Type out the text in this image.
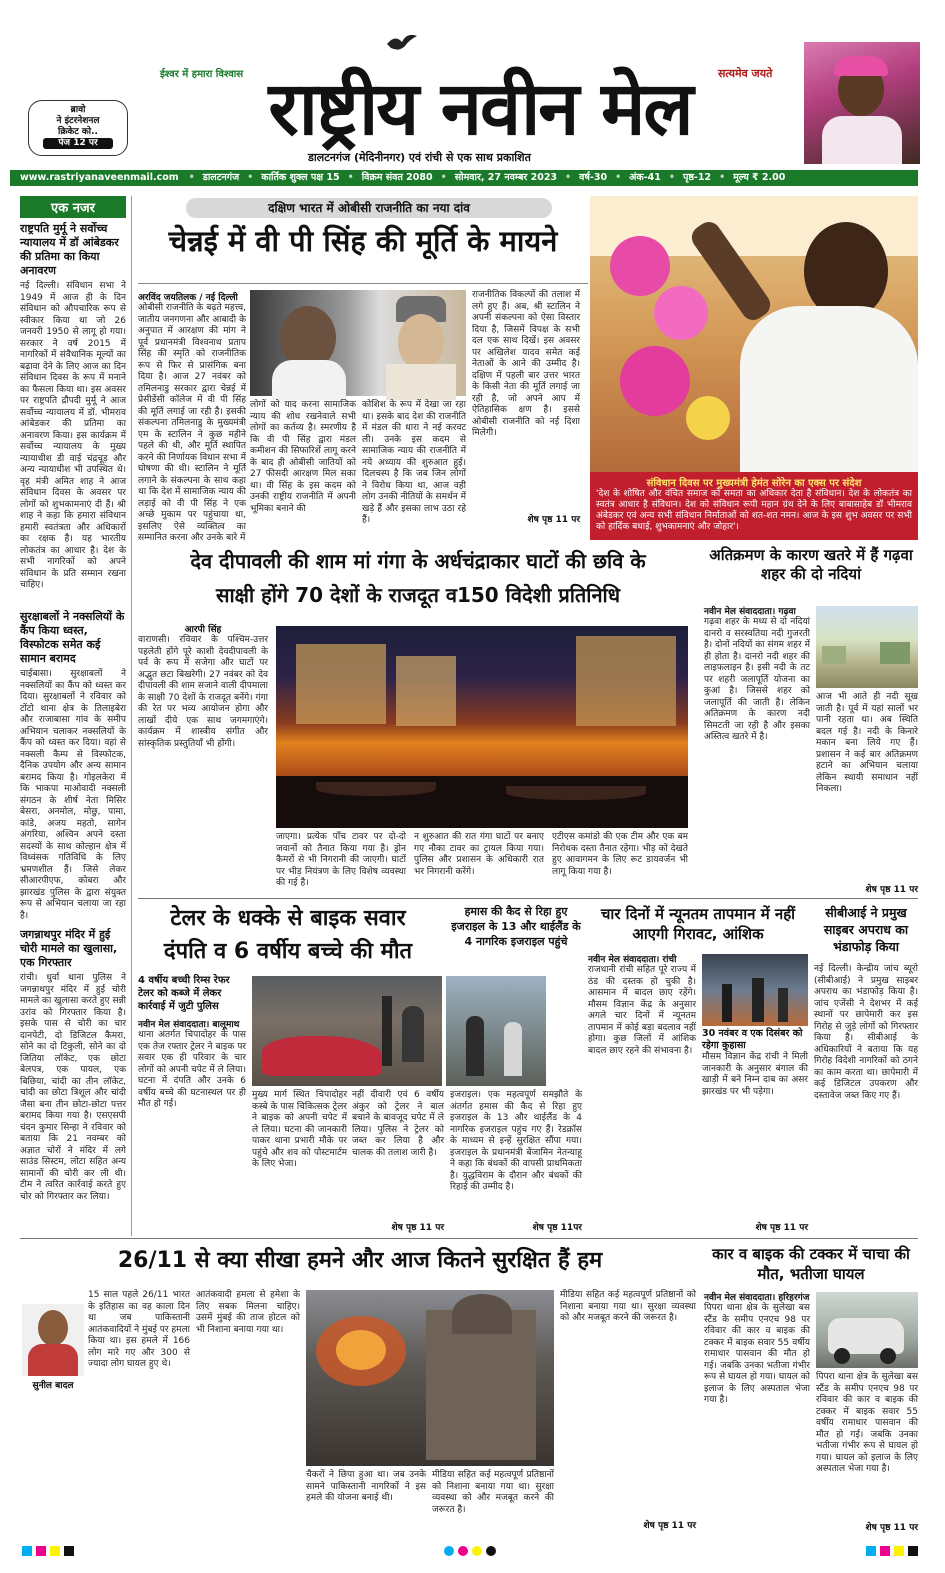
ईश्वर में हमारा विश्वास राष्ट्रीय नवीन मेल	सत्यमेव जयते
डालटनगंज (मेदिनीनगर) एवं रांची से एक साथ प्रकाशित
ब्रावो
ने इंटरनेशनल
क्रिकेट को..
पेज 12 पर
www.rastriyanaveenmail.com	• डालटनगंज • कार्तिक शुक्ल पक्ष 15 • विक्रम संवत 2080 • सोमवार, 27 नवम्बर 2023 • वर्ष-30 • अंक-41 • पृष्ठ-12 • मूल्य ₹ 2.00
एक नजर
राष्ट्रपति मुर्मू ने सर्वोच्च न्यायालय में डॉ आंबेडकर की प्रतिमा का किया अनावरण
नई दिल्ली। संविधान सभा ने 1949 में आज ही के दिन संविधान को औपचारिक रूप से स्वीकार किया था जो 26 जनवरी 1950 से लागू हो गया। सरकार ने वर्ष 2015 में नागरिकों में संवैधानिक मूल्यों का बढ़ावा देने के लिए आज का दिन संविधान दिवस के रूप में मनाने का फैसला किया था। इस अवसर पर राष्ट्रपति द्रौपदी मुर्मू ने आज सर्वोच्च न्यायालय में डॉ. भीमराव आंबेडकर की प्रतिमा का अनावरण किया। इस कार्यक्रम में सर्वोच्च न्यायालय के मुख्य न्यायाधीश डी वाई चंद्रचूड़ और अन्य न्यायाधीश भी उपस्थित थे। वृह मंत्री अमित शाह ने आज संविधान दिवस के अवसर पर लोगों को शुभकामनाएं दी हैं। श्री शाह ने कहा कि हमारा संविधान हमारी स्वतंत्रता और अधिकारों का रक्षक है। यह भारतीय लोकतंत्र का आधार है। देश के सभी नागरिकों को अपने संविधान के प्रति सम्मान रखना चाहिए।
सुरक्षाबलों ने नक्सलियों के कैंप किया ध्वस्त, विस्फोटक समेत कई सामान बरामद
चाईबासा। सुरक्षाबलों ने नक्सलियों का कैंप को ध्वस्त कर दिया। सुरक्षाबलों ने रविवार को टोंटो थाना क्षेत्र के तिलाइबेरा और राजाबासा गांव के समीप अभियान चलाकर नक्सलियों के कैंप को ध्वस्त कर दिया। वहां से नक्सली कैम्प से विस्फोटक, दैनिक उपयोग और अन्य सामान बरामद किया है। गोइलकेरा में कि भाकपा माओवादी नक्सली संगठन के शीर्ष नेता मिसिर बेसरा, अनमोल, मोछु, पामा, कांडे, अजय महतो, सागेन अंगरिया, अश्विन अपने दस्ता सदस्यों के साथ कोल्हान क्षेत्र में विध्वंसक गतिविधि के लिए भ्रमणशील हैं। जिसे लेकर सीआरपीएफ, कोबरा और झारखंड पुलिस के द्वारा संयुक्त रूप से अभियान चलाया जा रहा है।
जगन्नाथपुर मंदिर में हुई चोरी मामले का खुलासा, एक गिरफ्तार
रांची। धुर्वा थाना पुलिस ने जगन्नाथपुर मंदिर में हुई चोरी मामले का खुलासा करते हुए सन्नी उरांव को गिरफ्तार किया है। इसके पास से चोरी का चार दानपेटी, दो डिजिटल कैमरा, सोने का दो टिकुली, सोने का दो जितिया लॉकेट, एक छोटा बेलपत्र, एक पायल, एक बिछिया, चांदी का तीन लॉकेट, चांदी का छोटा त्रिशूल और चांदी जैसा बना तीन छोटा-छोटा पत्तर बरामद किया गया है। एसएसपी चंदन कुमार सिन्हा ने रविवार को बताया कि 21 नवम्बर को अज्ञात चोरों ने मंदिर में लगे साउंड सिस्टम, लोटा सहित अन्य सामानों की चोरी कर ली थी। टीम ने त्वरित कार्रवाई करते हुए चोर को गिरफ्तार कर लिया।
दक्षिण भारत में ओबीसी राजनीति का नया दांव
चेन्नई में वी पी सिंह की मूर्ति के मायने
अरविंद जयतिलक / नई दिल्ली
ओबीसी राजनीति के बढ़ते महत्त्व, जातीय जनगणना और आबादी के अनुपात में आरक्षण की मांग ने पूर्व प्रधानमंत्री विश्वनाथ प्रताप सिंह की स्मृति को राजनीतिक रूप से फिर से प्रासंगिक बना दिया है। आज 27 नवंबर को तमिलनाडु सरकार द्वारा चेन्नई में प्रेसीडेंसी कॉलेज में वी पी सिंह की मूर्ति लगाई जा रही है। इसकी संकल्पना तमिलनाडु के मुख्यमंत्री एम के स्टालिन ने कुछ महीने पहले की थी, और मूर्ति स्थापित करने की निर्णायक विधान सभा में घोषणा की थी। स्टालिन ने मूर्ति लगाने के संकल्पना के साथ कहा था कि देश में सामाजिक न्याय की लड़ाई को वी पी सिंह ने एक अच्छे मुकाम पर पहुंचाया था, इसलिए ऐसे व्यक्तित्व का सम्मानित करना और उनके बारे में
लोगों को याद करना सामाजिक न्याय की शोध रखनेवाले सभी लोगों का कर्तव्य है। स्मरणीय है कि वी पी सिंह द्वारा मंडल कमीशन की सिफारिशें लागू करने के बाद ही ओबीसी जातियों को 27 फीसदी आरक्षण मिल सका था। वी सिंह के इस कदम को उनकी राष्ट्रीय राजनीति में अपनी भूमिका बनाने की
कोशिश के रूप में देखा जा रहा था। इसके बाद देश की राजनीति में मंडल की धारा ने नई करवट ली। उनके इस कदम से सामाजिक न्याय की राजनीति में नये अध्याय की शुरुआत हुई। दिलचस्प है कि जब जिन लोगों ने विरोध किया था, आज वही लोग उनकी नीतियों के समर्थन में खड़े हैं और इसका लाभ उठा रहे हैं।
राजनीतिक विकल्पों की तलाश में लगे हुए हैं। अब, श्री स्टालिन ने अपनी संकल्पना को ऐसा विस्तार दिया है, जिसमें विपक्ष के सभी दल एक साथ दिखें। इस अवसर पर अखिलेश यादव समेत कई नेताओं के आने की उम्मीद है। दक्षिण में पहली बार उत्तर भारत के किसी नेता की मूर्ति लगाई जा रही है, जो अपने आप में ऐतिहासिक क्षण है। इससे ओबीसी राजनीति को नई दिशा मिलेगी।
शेष पृष्ठ 11 पर
संविधान दिवस पर मुख्यमंत्री हेमंत सोरेन का एक्स पर संदेश
'देश के शोषित और वंचित समाज को समता का अधिकार देता है संविधान। देश के लोकतंत्र का स्वतंत्र आधार है संविधान। देश को संविधान रूपी महान ग्रंथ देने के लिए बाबासाहेब डॉ भीमराव अंबेडकर एवं अन्य सभी संविधान निर्माताओं को शत-शत नमन। आज के इस शुभ अवसर पर सभी को हार्दिक बधाई, शुभकामनाएं और जोहार'।
देव दीपावली की शाम मां गंगा के अर्धचंद्राकार घाटों की छवि के
साक्षी होंगे 70 देशों के राजदूत व150 विदेशी प्रतिनिधि
आरपी सिंह
वाराणसी। रविवार के पश्चिम-उत्तर पहलेती होंगे पूरे काशी देवदीपावली के पर्व के रूप में सजेगा और घाटों पर अद्भुत छटा बिखरेगी। 27 नवंबर को देव दीपावली की शाम सजाने वाली दीपमाला के साक्षी 70 देशों के राजदूत बनेंगे। गंगा की रेत पर भव्य आयोजन होगा और लाखों दीये एक साथ जगमगाएंगे। कार्यक्रम में शास्त्रीय संगीत और सांस्कृतिक प्रस्तुतियाँ भी होंगी।
जाएगा। प्रत्येक पाँच टावर पर दो-दो जवानों को तैनात किया गया है। ड्रोन कैमरों से भी निगरानी की जाएगी। घाटों पर भीड़ नियंत्रण के लिए विशेष व्यवस्था की गई है।
न शुरुआत की रात गंगा घाटों पर बनाए गए नौका टावर का ट्रायल किया गया। पुलिस और प्रशासन के अधिकारी रात भर निगरानी करेंगे।
एटीएस कमांडो की एक टीम और एक बम निरोधक दस्ता तैनात रहेगा। भीड़ को देखते हुए आवागमन के लिए रूट डायवर्जन भी लागू किया गया है।
अतिक्रमण के कारण खतरे में हैं गढ़वा शहर की दो नदियां
नवीन मेल संवाददाता। गढ़वा
गढ़वा शहर के मध्य से दो नदियां दानरो व सरस्वतिया नदी गुजरती है। दोनों नदियों का संगम शहर में ही होता है। दानरो नदी शहर की लाइफलाइन है। इसी नदी के तट पर शहरी जलापूर्ति योजना का कुआं है। जिससे शहर को जलापूर्ति की जाती है। लेकिन अतिक्रमण के कारण नदी सिमटती जा रही है और इसका अस्तित्व खतरे में है।
आज भी आते ही नदी सूख जाती है। पूर्व में यहां सालों भर पानी रहता था। अब स्थिति बदल गई है। नदी के किनारे मकान बना लिये गए हैं। प्रशासन ने कई बार अतिक्रमण हटाने का अभियान चलाया लेकिन स्थायी समाधान नहीं निकला।
शेष पृष्ठ 11 पर
टेलर के धक्के से बाइक सवार
दंपति व 6 वर्षीय बच्चे की मौत
4 वर्षीय बच्ची रिम्स रेफर टेलर को कब्जे में लेकर कार्रवाई में जुटी पुलिस
नवीन मेल संवाददाता। बालूमाथ
थाना अंतर्गत चिपादोहर के पास एक तेज रफ्तार ट्रेलर ने बाइक पर सवार एक ही परिवार के चार लोगों को अपनी चपेट में ले लिया। घटना में दंपति और उनके 6 वर्षीय बच्चे की घटनास्थल पर ही मौत हो गई।
मुख्य मार्ग स्थित चिपादोहर कस्बे के पास चिकित्सक ट्रेलर ने बाइक को अपनी चपेट में ले लिया। घटना की जानकारी पाकर थाना प्रभारी मौके पर पहुंचे और शव को पोस्टमार्टम के लिए भेजा।
नहीं दीवारी एवं 6 वर्षीय अंकुर को ट्रेलर ने बाल बचाने के बावजूद चपेट में ले लिया। पुलिस ने ट्रेलर को जब्त कर लिया है और चालक की तलाश जारी है।
शेष पृष्ठ 11 पर
हमास की कैद से रिहा हुए इजराइल के 13 और थाईलैंड के 4 नागरिक इजराइल पहुंचे
इजराइल। एक महत्वपूर्ण समझौते के अंतर्गत हमास की कैद से रिहा हुए इजराइल के 13 और थाईलैंड के 4 नागरिक इजराइल पहुंच गए हैं। रेडक्रॉस के माध्यम से इन्हें सुरक्षित सौंपा गया। इजराइल के प्रधानमंत्री बेंजामिन नेतन्याहू ने कहा कि बंधकों की वापसी प्राथमिकता है। युद्धविराम के दौरान और बंधकों की रिहाई की उम्मीद है।
शेष पृष्ठ 11पर
चार दिनों में न्यूनतम तापमान में नहीं आएगी गिरावट, आंशिक
नवीन मेल संवाददाता। रांची
राजधानी रांची सहित पूरे राज्य में ठंड की दस्तक हो चुकी है। आसमान में बादल छाए रहेंगे। मौसम विज्ञान केंद्र के अनुसार अगले चार दिनों में न्यूनतम तापमान में कोई बड़ा बदलाव नहीं होगा। कुछ जिलों में आंशिक बादल छाए रहने की संभावना है।
30 नवंबर व एक दिसंबर को रहेगा कुहासा
मौसम विज्ञान केंद्र रांची ने मिली जानकारी के अनुसार बंगाल की खाड़ी में बने निम्न दाब का असर झारखंड पर भी पड़ेगा।
शेष पृष्ठ 11 पर
सीबीआई ने प्रमुख साइबर अपराध का भंडाफोड़ किया
नई दिल्ली। केन्द्रीय जांच ब्यूरो (सीबीआई) ने प्रमुख साइबर अपराध का भंडाफोड़ किया है। जांच एजेंसी ने देशभर में कई स्थानों पर छापेमारी कर इस गिरोह से जुड़े लोगों को गिरफ्तार किया है। सीबीआई के अधिकारियों ने बताया कि यह गिरोह विदेशी नागरिकों को ठगने का काम करता था। छापेमारी में कई डिजिटल उपकरण और दस्तावेज जब्त किए गए हैं।
26/11 से क्या सीखा हमने और आज कितने सुरक्षित हैं हम
सुनील बादल
15 साल पहले 26/11 भारत के इतिहास का वह काला दिन था जब पाकिस्तानी आतंकवादियों ने मुंबई पर हमला किया था। इस हमले में 166 लोग मारे गए और 300 से ज्यादा लोग घायल हुए थे।
आतंकवादी हमला से हमेशा के लिए सबक मिलना चाहिए। उसमें मुंबई की ताज होटल को भी निशाना बनाया गया था।
चैकरों ने छिपा हुआ था। जब उनके सामने पाकिस्तानी नागरिकों ने इस हमले की योजना बनाई थी।
मीडिया सहित कई महत्वपूर्ण प्रतिष्ठानों को निशाना बनाया गया था। सुरक्षा व्यवस्था को और मजबूत करने की जरूरत है।
मीडिया सहित कई महत्वपूर्ण प्रतिष्ठानों को निशाना बनाया गया था। सुरक्षा व्यवस्था को और मजबूत करने की जरूरत है।
शेष पृष्ठ 11 पर
कार व बाइक की टक्कर में चाचा की मौत, भतीजा घायल
नवीन मेल संवाददाता। हरिहरगंज
पिपरा थाना क्षेत्र के सुलेखा बस स्टैंड के समीप एनएच 98 पर रविवार की कार व बाइक की टक्कर में बाइक सवार 55 वर्षीय रामाधार पासवान की मौत हो गई। जबकि उनका भतीजा गंभीर रूप से घायल हो गया। घायल को इलाज के लिए अस्पताल भेजा गया है।
पिपरा थाना क्षेत्र के सुलेखा बस स्टैंड के समीप एनएच 98 पर रविवार की कार व बाइक की टक्कर में बाइक सवार 55 वर्षीय रामाधार पासवान की मौत हो गई। जबकि उनका भतीजा गंभीर रूप से घायल हो गया। घायल को इलाज के लिए अस्पताल भेजा गया है।
शेष पृष्ठ 11 पर
